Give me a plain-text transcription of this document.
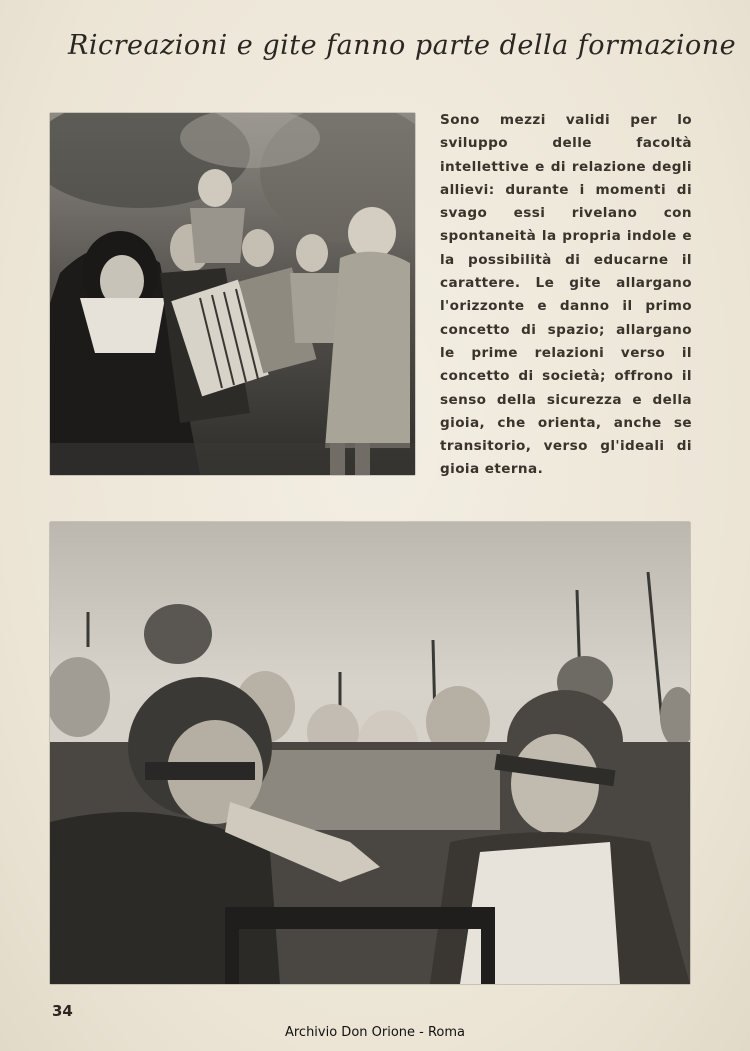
Ricreazioni e gite fanno parte della formazione
Sono mezzi validi per lo sviluppo delle facoltà intellettive e di relazione degli allievi: durante i momenti di svago essi rivelano con spontaneità la propria indole e la possibilità di educarne il carattere. Le gite allargano l'orizzonte e danno il primo concetto di spazio; allargano le prime relazioni verso il concetto di società; offrono il senso della sicurezza e della gioia, che orienta, anche se transitorio, verso gl'ideali di gioia eterna.
34
Archivio Don Orione - Roma
